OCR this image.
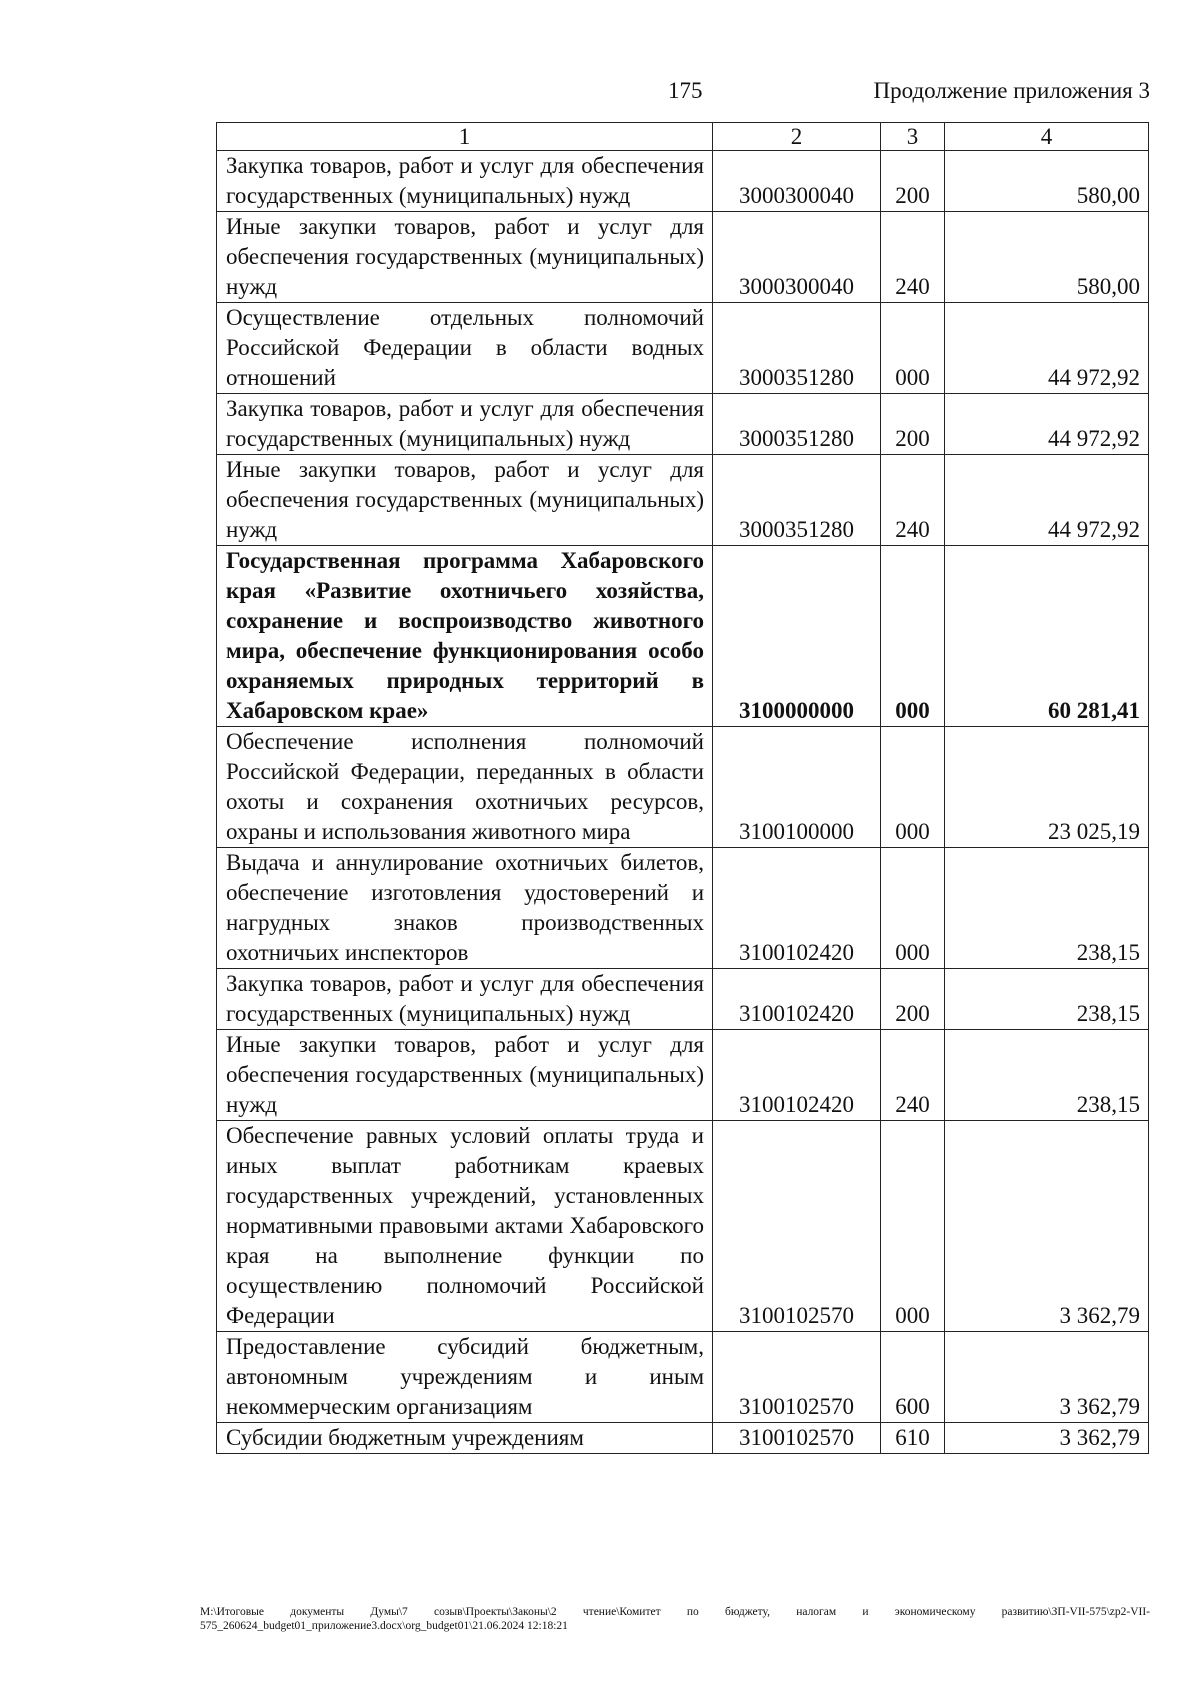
175	Продолжение приложения 3
1	2	3	4
Закупка товаров, работ и услуг для обеспечения государственных (муниципальных) нужд	3000300040	200	580,00
Иные закупки товаров, работ и услуг для обеспечения государственных (муниципальных) нужд	3000300040	240	580,00
Осуществление отдельных полномочий Российской Федерации в области водных отношений	3000351280	000	44 972,92
Закупка товаров, работ и услуг для обеспечения государственных (муниципальных) нужд	3000351280	200	44 972,92
Иные закупки товаров, работ и услуг для обеспечения государственных (муниципальных) нужд	3000351280	240	44 972,92
Государственная программа Хабаровского края «Развитие охотничьего хозяйства, сохранение и воспроизводство животного мира, обеспечение функционирования особо охраняемых природных территорий в Хабаровском крае»	3100000000	000	60 281,41
Обеспечение исполнения полномочий Российской Федерации, переданных в области охоты и сохранения охотничьих ресурсов, охраны и использования животного мира	3100100000	000	23 025,19
Выдача и аннулирование охотничьих билетов, обеспечение изготовления удостоверений и нагрудных знаков производственных охотничьих инспекторов	3100102420	000	238,15
Закупка товаров, работ и услуг для обеспечения государственных (муниципальных) нужд	3100102420	200	238,15
Иные закупки товаров, работ и услуг для обеспечения государственных (муниципальных) нужд	3100102420	240	238,15
Обеспечение равных условий оплаты труда и иных выплат работникам краевых государственных учреждений, установленных нормативными правовыми актами Хабаровского края на выполнение функции по осуществлению полномочий Российской Федерации	3100102570	000	3 362,79
Предоставление субсидий бюджетным, автономным учреждениям и иным некоммерческим организациям	3100102570	600	3 362,79
Субсидии бюджетным учреждениям	3100102570	610	3 362,79
М:\Итоговые документы Думы\7 созыв\Проекты\Законы\2 чтение\Комитет по бюджету, налогам и экономическому развитию\ЗП-VII-575\zp2-VII-575_260624_budget01_приложение3.docx\org_budget01\21.06.2024 12:18:21
